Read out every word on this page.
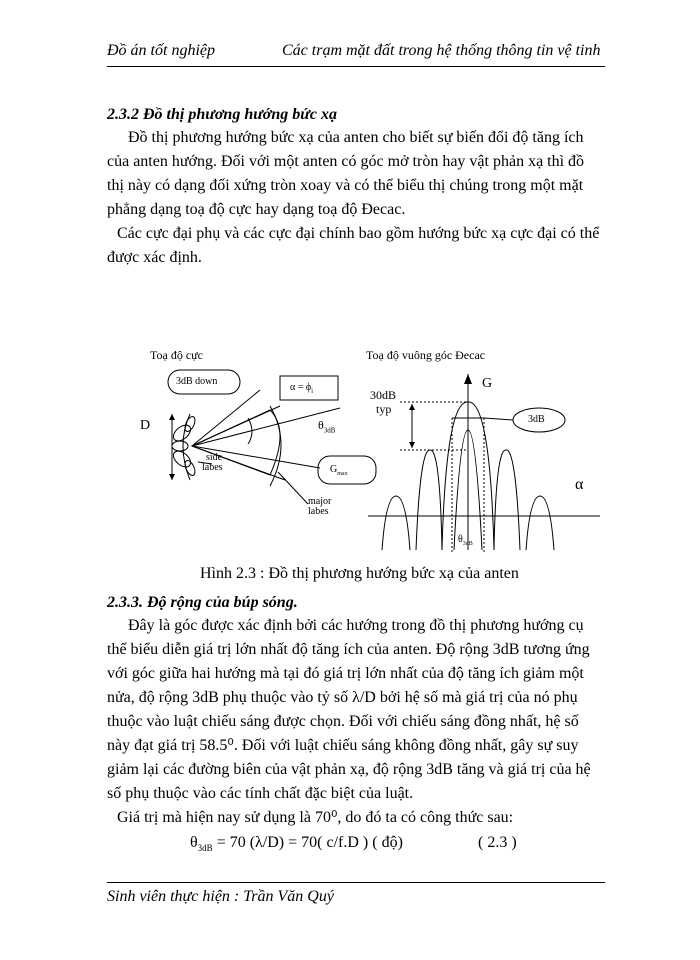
Đồ án tốt nghiệp	Các trạm mặt đất trong hệ thống thông tin vệ tinh
2.3.2 Đồ thị phương hướng bức xạ
Đồ thị phương hướng bức xạ của anten cho biết sự biến đổi độ tăng ích
của anten hướng. Đối với một anten có góc mở tròn hay vật phản xạ thì đồ
thị này có dạng đối xứng tròn xoay và có thể biểu thị chúng trong một mặt
phẳng dạng toạ độ cực hay dạng toạ độ Đecac.
Các cực đại phụ và các cực đại chính bao gồm hướng bức xạ cực đại có thể
được xác định.
Toạ độ cực	Toạ độ vuông góc Đecac
3dB down
$\alpha = \phi_i$
D	$\theta_{3dB}$
side
labes	$G_{max}$
major
labes
G
30dB
typ
3dB
α
$\theta_{3dB}$
Hình 2.3 : Đồ thị phương hướng bức xạ của anten
2.3.3. Độ rộng của búp sóng.
Đây là góc được xác định bởi các hướng trong đồ thị phương hướng cụ
thể biểu diễn giá trị lớn nhất độ tăng ích của anten. Độ rộng 3dB tương ứng
với góc giữa hai hướng mà tại đó giá trị lớn nhất của độ tăng ích giảm một
nửa, độ rộng 3dB phụ thuộc vào tỷ số λ/D bởi hệ số mà giá trị của nó phụ
thuộc vào luật chiếu sáng được chọn. Đối với chiếu sáng đồng nhất, hệ số
này đạt giá trị 58.5⁰. Đối với luật chiếu sáng không đồng nhất, gây sự suy
giảm lại các đường biên của vật phản xạ, độ rộng 3dB tăng và giá trị của hệ
số phụ thuộc vào các tính chất đặc biệt của luật.
Giá trị mà hiện nay sử dụng là 70⁰, do đó ta có công thức sau:
$\theta_{3dB} = 70$ (λ/D) = 70( c/f.D ) ( độ)	( 2.3 )
Sinh viên thực hiện : Trần Văn Quý
